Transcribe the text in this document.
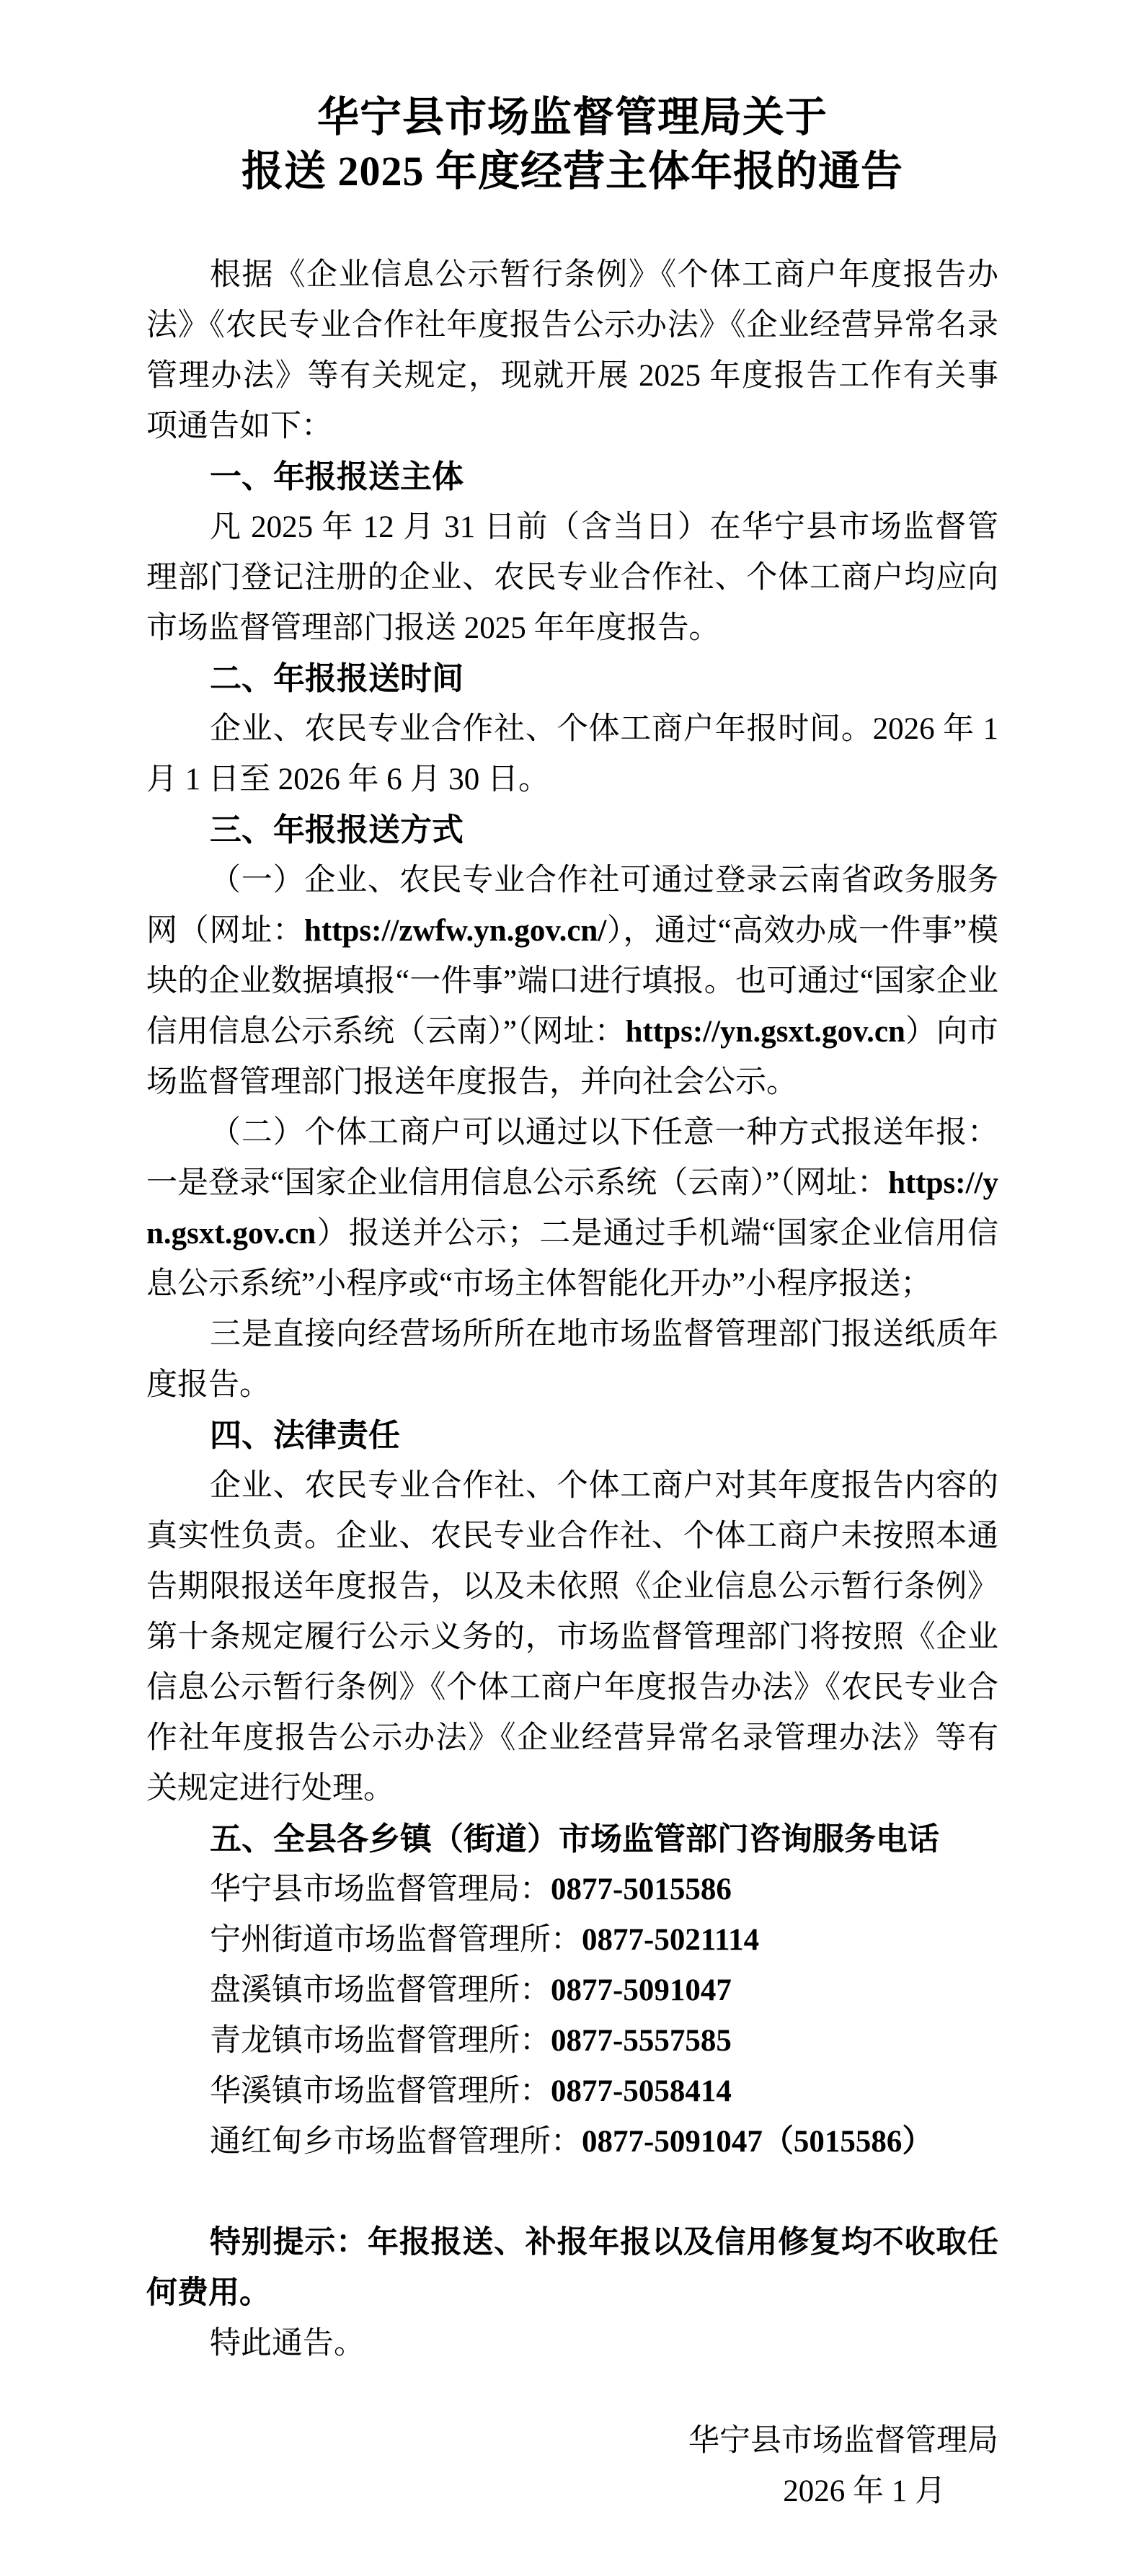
华宁县市场监督管理局关于
报送 2025 年度经营主体年报的通告

根据《企业信息公示暂行条例》《个体工商户年度报告办法》《农民专业合作社年度报告公示办法》《企业经营异常名录管理办法》等有关规定，现就开展 2025 年度报告工作有关事项通告如下：

一、年报报送主体

凡 2025 年 12 月 31 日前（含当日）在华宁县市场监督管理部门登记注册的企业、农民专业合作社、个体工商户均应向市场监督管理部门报送 2025 年年度报告。

二、年报报送时间

企业、农民专业合作社、个体工商户年报时间。2026 年 1 月 1 日至 2026 年 6 月 30 日。

三、年报报送方式

（一）企业、农民专业合作社可通过登录云南省政务服务网（网址：https://zwfw.yn.gov.cn/），通过“高效办成一件事”模块的企业数据填报“一件事”端口进行填报。也可通过“国家企业信用信息公示系统（云南）”（网址：https://yn.gsxt.gov.cn）向市场监督管理部门报送年度报告，并向社会公示。

（二）个体工商户可以通过以下任意一种方式报送年报：一是登录“国家企业信用信息公示系统（云南）”（网址：https://yn.gsxt.gov.cn）报送并公示；二是通过手机端“国家企业信用信息公示系统”小程序或“市场主体智能化开办”小程序报送；

三是直接向经营场所所在地市场监督管理部门报送纸质年度报告。

四、法律责任

企业、农民专业合作社、个体工商户对其年度报告内容的真实性负责。企业、农民专业合作社、个体工商户未按照本通告期限报送年度报告，以及未依照《企业信息公示暂行条例》第十条规定履行公示义务的，市场监督管理部门将按照《企业信息公示暂行条例》《个体工商户年度报告办法》《农民专业合作社年度报告公示办法》《企业经营异常名录管理办法》等有关规定进行处理。

五、全县各乡镇（街道）市场监管部门咨询服务电话

华宁县市场监督管理局：0877-5015586

宁州街道市场监督管理所：0877-5021114

盘溪镇市场监督管理所：0877-5091047

青龙镇市场监督管理所：0877-5557585

华溪镇市场监督管理所：0877-5058414

通红甸乡市场监督管理所：0877-5091047（5015586）

特别提示：年报报送、补报年报以及信用修复均不收取任何费用。

特此通告。

华宁县市场监督管理局

2026 年 1 月
